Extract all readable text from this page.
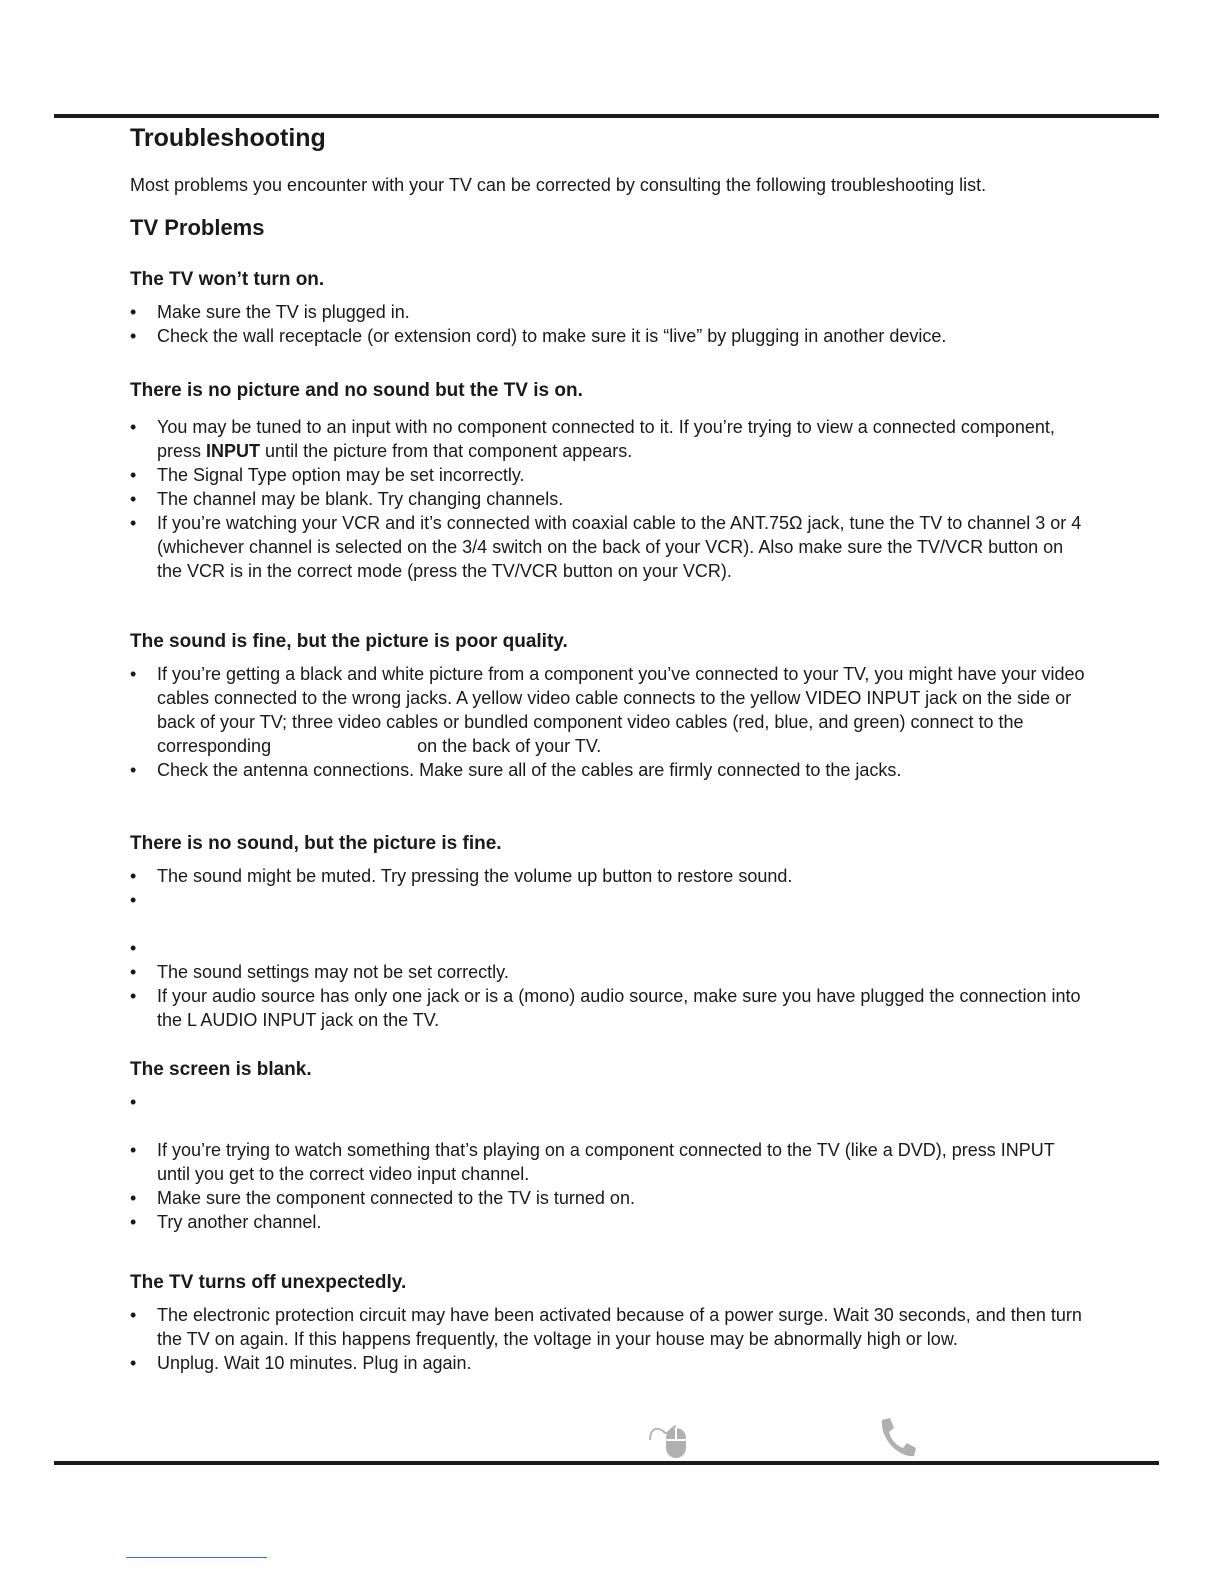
Troubleshooting
Most problems you encounter with your TV can be corrected by consulting the following troubleshooting list.
TV Problems
The TV won’t turn on.
• Make sure the TV is plugged in.
• Check the wall receptacle (or extension cord) to make sure it is “live” by plugging in another device.
There is no picture and no sound but the TV is on.
• You may be tuned to an input with no component connected to it. If you’re trying to view a connected component, press INPUT until the picture from that component appears.
• The Signal Type option may be set incorrectly.
• The channel may be blank. Try changing channels.
• If you’re watching your VCR and it’s connected with coaxial cable to the ANT.75Ω jack, tune the TV to channel 3 or 4 (whichever channel is selected on the 3/4 switch on the back of your VCR). Also make sure the TV/VCR button on the VCR is in the correct mode (press the TV/VCR button on your VCR).
The sound is fine, but the picture is poor quality.
• If you’re getting a black and white picture from a component you’ve connected to your TV, you might have your video cables connected to the wrong jacks. A yellow video cable connects to the yellow VIDEO INPUT jack on the side or back of your TV; three video cables or bundled component video cables (red, blue, and green) connect to the corresponding	on the back of your TV.
• Check the antenna connections. Make sure all of the cables are firmly connected to the jacks.
There is no sound, but the picture is fine.
• The sound might be muted. Try pressing the volume up button to restore sound.
•
•
• The sound settings may not be set correctly.
• If your audio source has only one jack or is a (mono) audio source, make sure you have plugged the connection into the L AUDIO INPUT jack on the TV.
The screen is blank.
•
• If you’re trying to watch something that’s playing on a component connected to the TV (like a DVD), press INPUT until you get to the correct video input channel.
• Make sure the component connected to the TV is turned on.
• Try another channel.
The TV turns off unexpectedly.
• The electronic protection circuit may have been activated because of a power surge. Wait 30 seconds, and then turn the TV on again. If this happens frequently, the voltage in your house may be abnormally high or low.
• Unplug. Wait 10 minutes. Plug in again.
